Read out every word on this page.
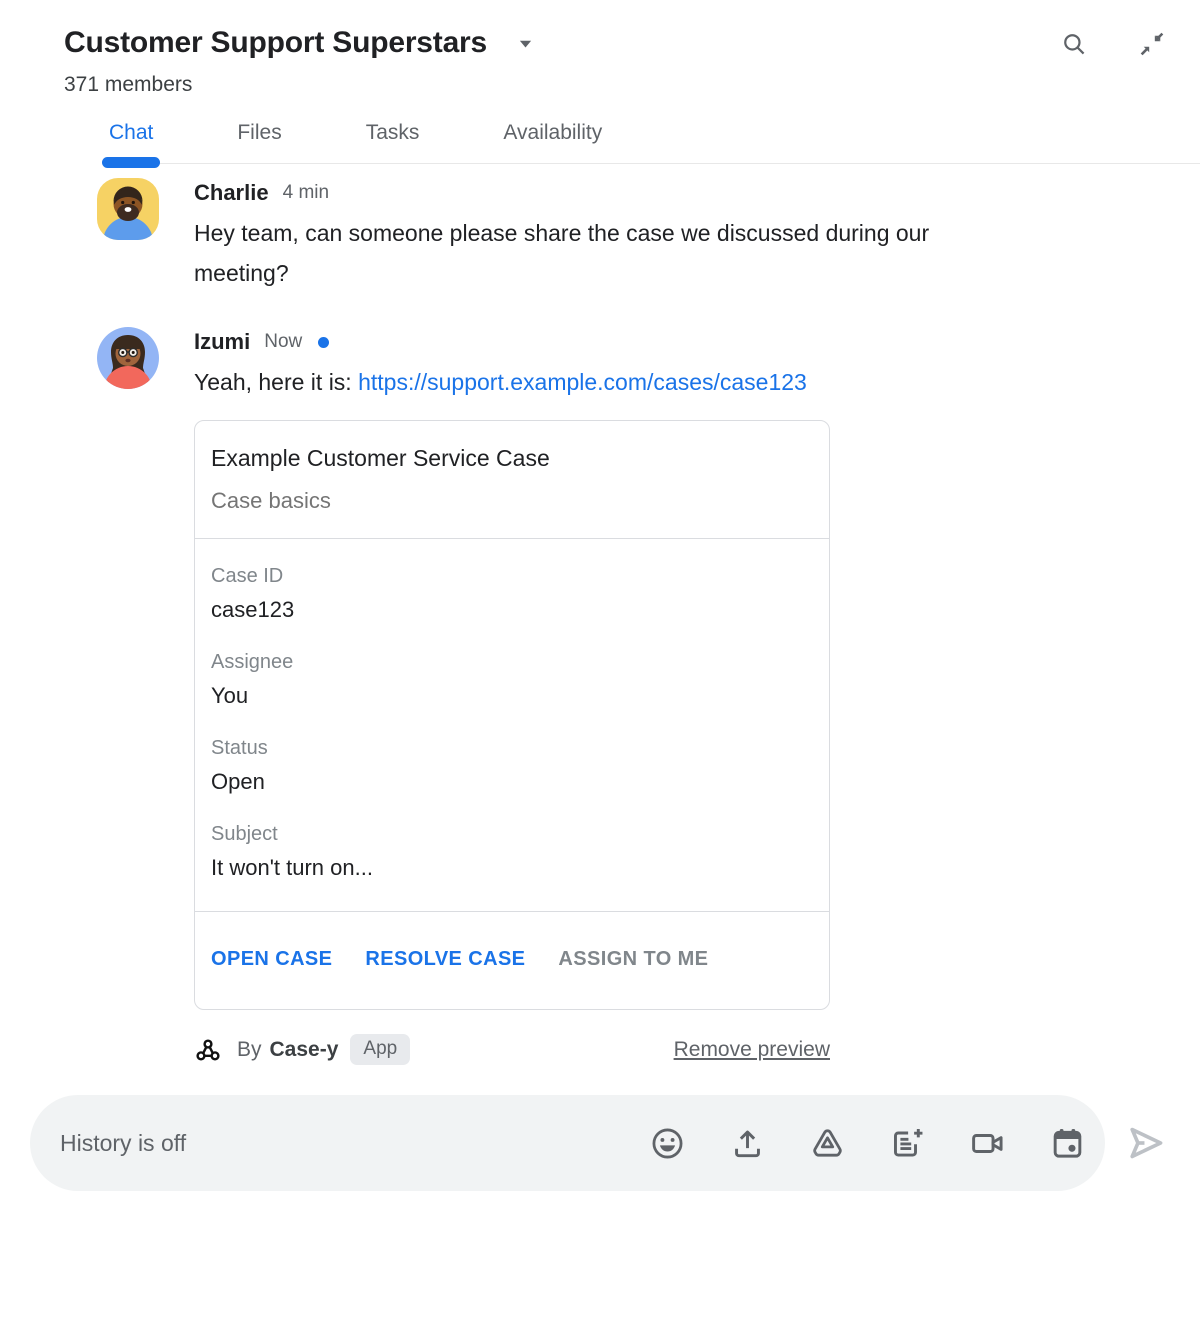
Customer Support Superstars
371 members
Chat	Files	Tasks	Availability
Charlie 4 min
Hey team, can someone please share the case we discussed during our
meeting?
Izumi Now
Yeah, here it is: https://support.example.com/cases/case123
Example Customer Service Case
Case basics
Case ID
case123
Assignee
You
Status
Open
Subject
It won't turn on...
OPEN CASE RESOLVE CASE ASSIGN TO ME
By Case-y	App	Remove preview
History is off
